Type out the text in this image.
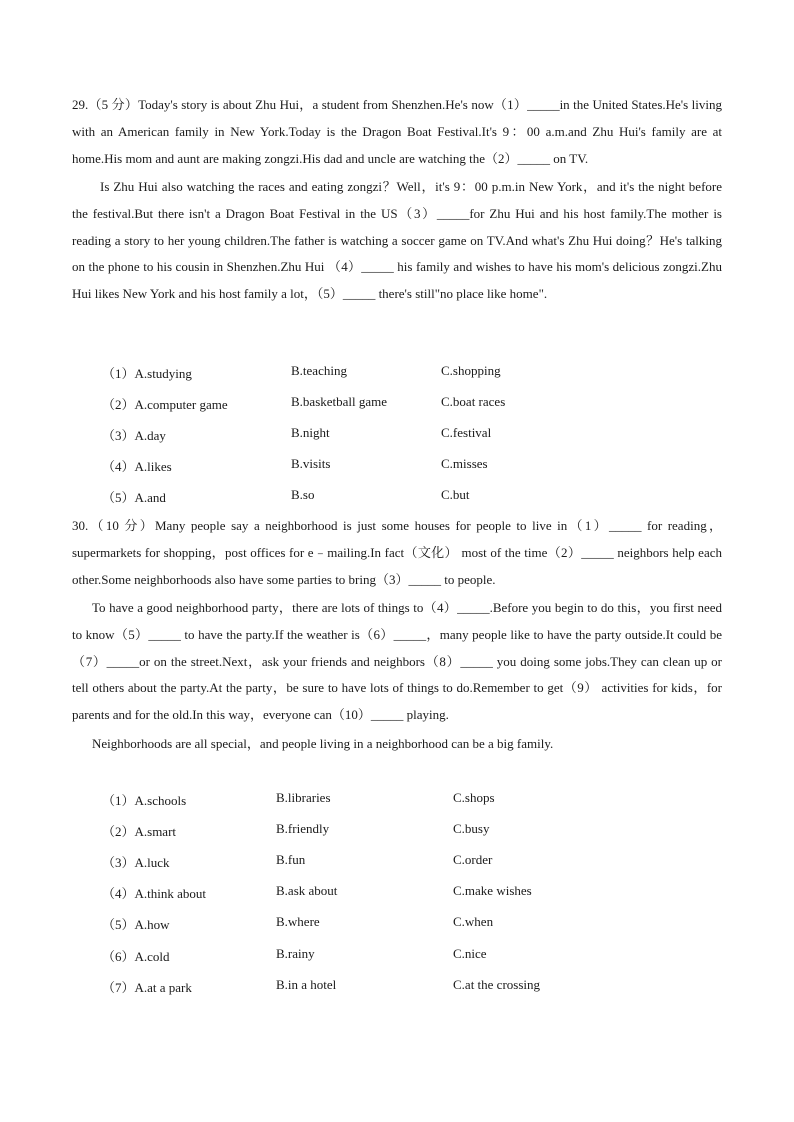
29.（5 分）Today's story is about Zhu Hui，a student from Shenzhen.He's now（1）_____in the United States.He's living with an American family in New York.Today is the Dragon Boat Festival.It's 9：00 a.m.and Zhu Hui's family are at home.His mom and aunt are making zongzi.His dad and uncle are watching the（2）_____ on TV.

Is Zhu Hui also watching the races and eating zongzi？Well，it's 9：00 p.m.in New York，and it's the night before the festival.But there isn't a Dragon Boat Festival in the US（3）_____for Zhu Hui and his host family.The mother is reading a story to her young children.The father is watching a soccer game on TV.And what's Zhu Hui doing？He's talking on the phone to his cousin in Shenzhen.Zhu Hui （4）_____ his family and wishes to have his mom's delicious zongzi.Zhu Hui likes New York and his host family a lot，（5）_____ there's still"no place like home".

（1）A.studying	B.teaching	C.shopping
（2）A.computer game	B.basketball game	C.boat races
（3）A.day	B.night	C.festival
（4）A.likes	B.visits	C.misses
（5）A.and	B.so	C.but

30.（10 分）Many people say a neighborhood is just some houses for people to live in（1）_____ for reading，supermarkets for shopping，post offices for e﹣mailing.In fact（文化） most of the time（2）_____ neighbors help each other.Some neighborhoods also have some parties to bring（3）_____ to people.

To have a good neighborhood party，there are lots of things to（4）_____.Before you begin to do this，you first need to know（5）_____ to have the party.If the weather is（6）_____，many people like to have the party outside.It could be（7）_____or on the street.Next，ask your friends and neighbors（8）_____ you doing some jobs.They can clean up or tell others about the party.At the party，be sure to have lots of things to do.Remember to get（9） activities for kids，for parents and for the old.In this way，everyone can（10）_____ playing.

Neighborhoods are all special，and people living in a neighborhood can be a big family.

（1）A.schools	B.libraries	C.shops
（2）A.smart	B.friendly	C.busy
（3）A.luck	B.fun	C.order
（4）A.think about	B.ask about	C.make wishes
（5）A.how	B.where	C.when
（6）A.cold	B.rainy	C.nice
（7）A.at a park	B.in a hotel	C.at the crossing
